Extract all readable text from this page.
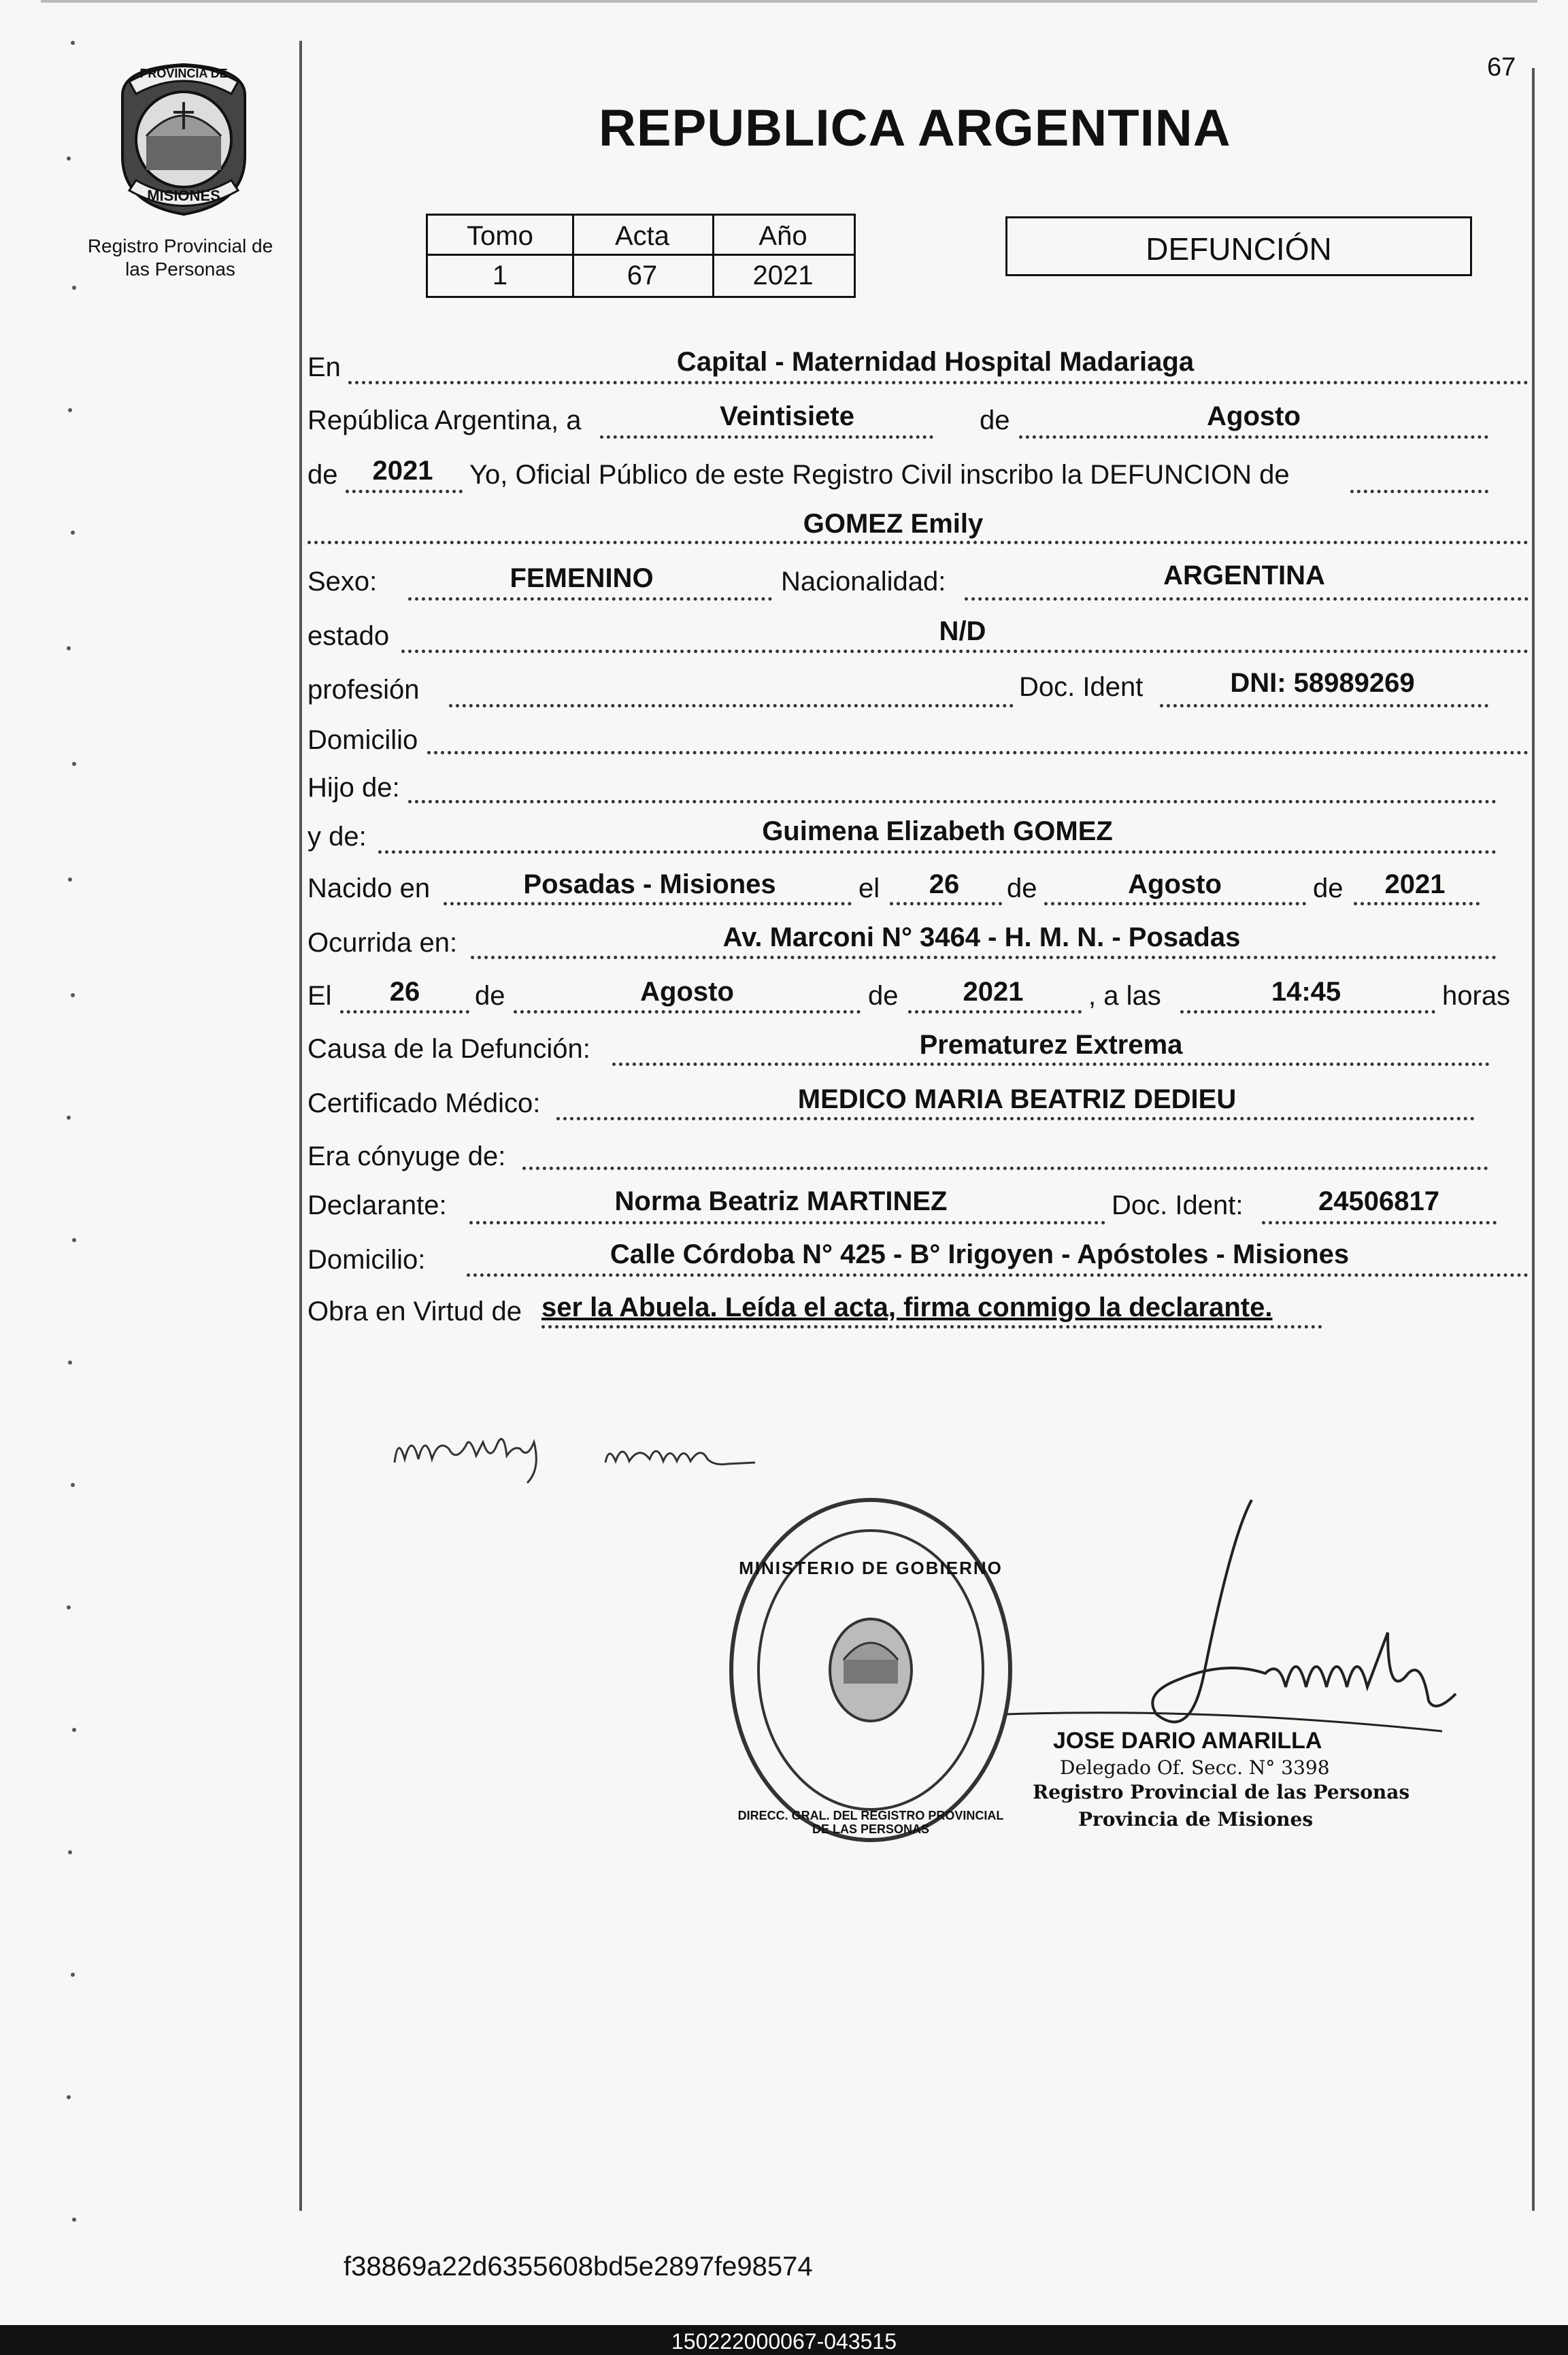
67
PROVINCIA DE
MISIONES
Registro Provincial de las Personas
REPUBLICA ARGENTINA
Tomo	Acta	Año
1	67	2021
DEFUNCIÓN
En	Capital - Maternidad Hospital Madariaga
República Argentina, a	Veintisiete	de	Agosto
de 2021 Yo, Oficial Público de este Registro Civil inscribo la DEFUNCION de
GOMEZ Emily
Sexo:	FEMENINO	Nacionalidad:	ARGENTINA
estado	N/D
profesión	Doc. Ident	DNI: 58989269
Domicilio
Hijo de:
y de:	Guimena Elizabeth GOMEZ
Nacido en	Posadas - Misiones	el 26 de	Agosto	de 2021
Ocurrida en:	Av. Marconi N° 3464 - H. M. N. - Posadas
El 26 de	Agosto	de 2021 , a las	14:45	horas
Causa de la Defunción:	Prematurez Extrema
Certificado Médico:	MEDICO MARIA BEATRIZ DEDIEU
Era cónyuge de:
Declarante:	Norma Beatriz MARTINEZ	Doc. Ident:	24506817
Domicilio:	Calle Córdoba N° 425 - B° Irigoyen - Apóstoles - Misiones
Obra en Virtud de ser la Abuela. Leída el acta, firma conmigo la declarante.
MINISTERIO DE GOBIERNO
DIRECC. GRAL. DEL REGISTRO PROVINCIAL DE LAS PERSONAS
JOSE DARIO AMARILLA
Delegado Of. Secc. N° 3398
Registro Provincial de las Personas
Provincia de Misiones
f38869a22d6355608bd5e2897fe98574
150222000067-043515
